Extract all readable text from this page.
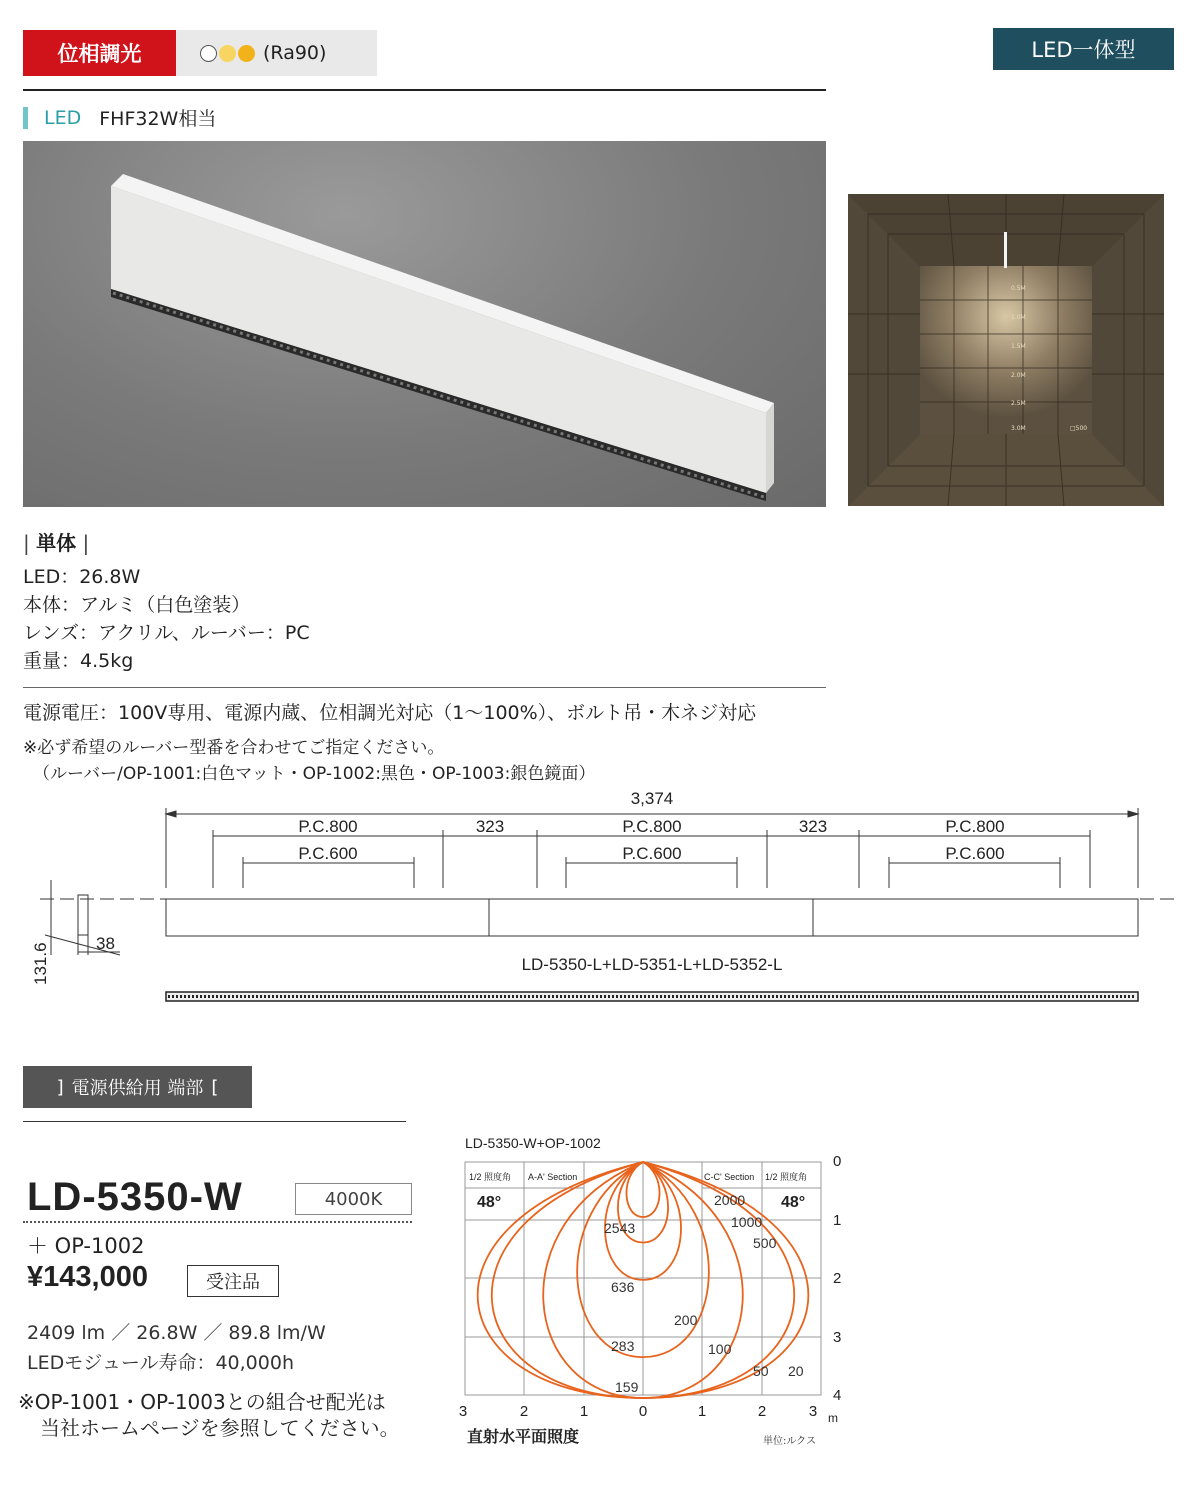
位相調光	(Ra90)	LED一体型
LED FHF32W相当
0.5M
1.0M
1.5M
2.0M
2.5M
3.0M	□500
| 単体 |
LED：26.8W
本体：アルミ（白色塗装）
レンズ：アクリル、ルーバー：PC
重量：4.5kg
電源電圧：100V専用、電源内蔵、位相調光対応（1〜100%）、ボルト吊・木ネジ対応
※必ず希望のルーバー型番を合わせてご指定ください。
（ルーバー/OP-1001:白色マット・OP-1002:黒色・OP-1003:銀色鏡面）
3,374
P.C.800	323	P.C.800	323	P.C.800
P.C.600	P.C.600	P.C.600
38
131.6	LD-5350-L+LD-5351-L+LD-5352-L
] 電源供給用 端部 [
LD-5350-W	4000K
＋ OP-1002
¥143,000	受注品
2409 lm ／ 26.8W ／ 89.8 lm/W
LEDモジュール寿命：40,000h
※OP-1001・OP-1003との組合せ配光は
当社ホームページを参照してください。
LD-5350-W+OP-1002
1/2 照度角
48°
A-A' Section	C-C' Section 1/2 照度角
48°
2543
636
283
159
2000
1000
500
200
100
50 20
3	2	1	0	1	2	3 m
0
1
2
3
4
直射水平面照度	単位:ルクス
